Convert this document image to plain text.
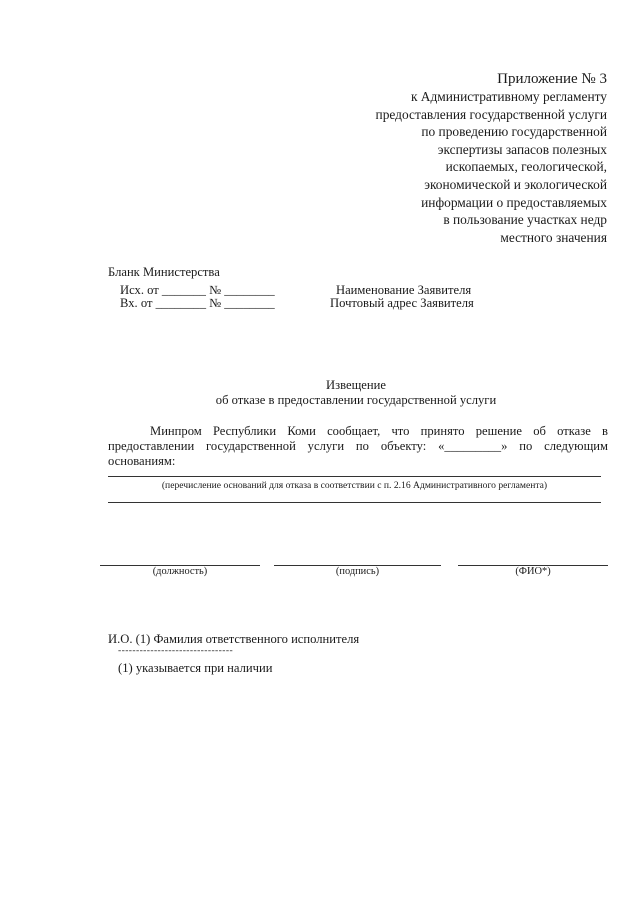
Приложение № 3
к Административному регламенту
предоставления государственной услуги
по проведению государственной
экспертизы запасов полезных
ископаемых, геологической,
экономической и экологической
информации о предоставляемых
в пользование участках недр
местного значения
Бланк Министерства
Исх. от _______ № ________
Вх. от ________ № ________
Наименование Заявителя
Почтовый адрес Заявителя
Извещение
об отказе в предоставлении государственной услуги
Минпром Республики Коми сообщает, что принято решение об отказе в предоставлении государственной услуги по объекту: «_________» по следующим основаниям:
(перечисление оснований для отказа в соответствии с п. 2.16 Административного регламента)
(должность)	(подпись)	(ФИО*)
И.О. (1) Фамилия ответственного исполнителя
--------------------------------
(1) указывается при наличии
